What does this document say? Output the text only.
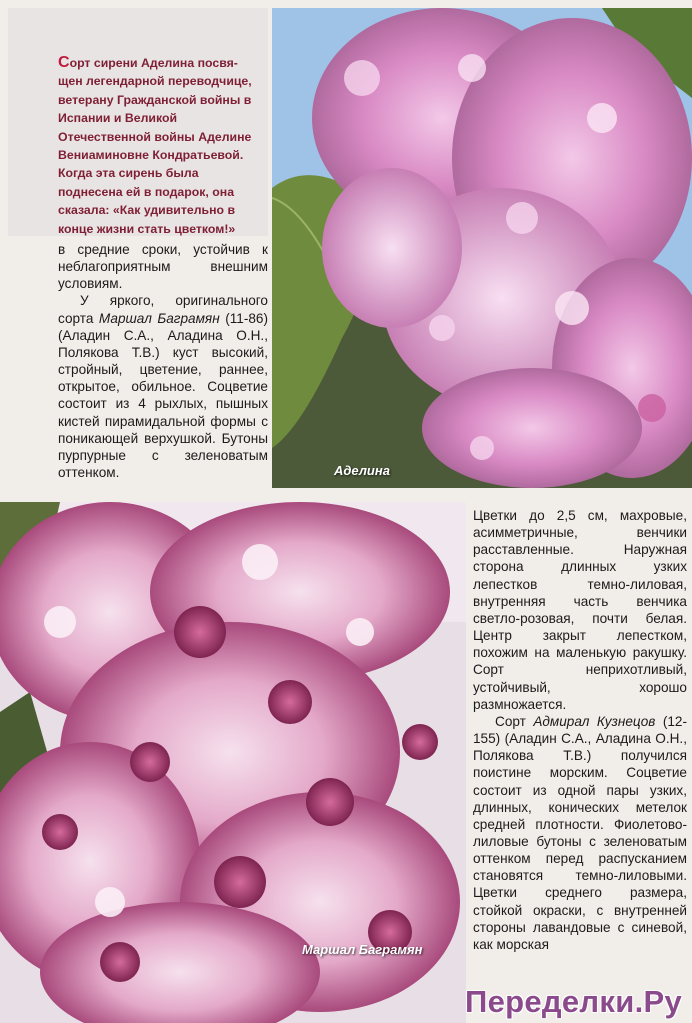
Сорт сирени Аделина посвя- щен легендарной переводчице, ветерану Гражданской войны в Испании и Великой Отечественной войны Аделине Вениаминовне Кондратьевой. Когда эта сирень была поднесена ей в подарок, она сказала: «Как удивительно в конце жизни стать цветком!»

в средние сроки, устойчив к неблагоприятным внешним условиям.

У яркого, оригинального сорта Маршал Баграмян (11-86) (Аладин С.А., Аладина О.Н., Полякова Т.В.) куст высокий, стройный, цветение, раннее, открытое, обильное. Соцветие состоит из 4 рыхлых, пышных кистей пирамидальной формы с поникающей верхушкой. Бутоны пурпурные с зеленоватым оттенком.	Аделина
Маршал Баграмян

Цветки до 2,5 см, махровые, асимметричные, венчики расставленные. Наружная сторона длинных узких лепестков темно-лиловая, внутренняя часть венчика светло-розовая, почти белая. Центр закрыт лепестком, похожим на маленькую ракушку. Сорт неприхотливый, устойчивый, хорошо размножается.

Сорт Адмирал Кузнецов (12-155) (Аладин С.А., Аладина О.Н., Полякова Т.В.) получился поистине морским. Соцветие состоит из одной пары узких, длинных, конических метелок средней плотности. Фиолетово-лиловые бутоны с зеленоватым оттенком перед распусканием становятся темно-лиловыми. Цветки среднего размера, стойкой окраски, с внутренней стороны лавандовые с синевой, как морская

Переделки.Ру
